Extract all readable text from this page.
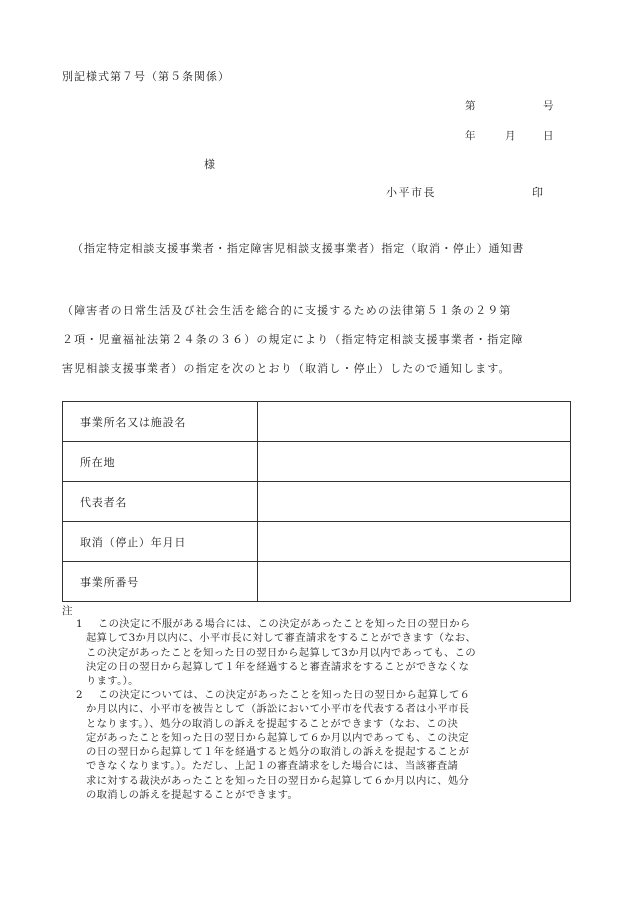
別記様式第７号（第５条関係）
第	号
年	月	日
様
小平市長	印
（指定特定相談支援事業者・指定障害児相談支援事業者）指定（取消・停止）通知書
（障害者の日常生活及び社会生活を総合的に支援するための法律第５１条の２９第
２項・児童福祉法第２４条の３６）の規定により（指定特定相談支援事業者・指定障
害児相談支援事業者）の指定を次のとおり（取消し・停止）したので通知します。
事業所名又は施設名	
所在地	
代表者名	
取消（停止）年月日	
事業所番号	
注
1	この決定に不服がある場合には、この決定があったことを知った日の翌日から
起算して3か月以内に、小平市長に対して審査請求をすることができます（なお、
この決定があったことを知った日の翌日から起算して3か月以内であっても、この
決定の日の翌日から起算して１年を経過すると審査請求をすることができなくな
ります。）。
2	この決定については、この決定があったことを知った日の翌日から起算して６
か月以内に、小平市を被告として（訴訟において小平市を代表する者は小平市長
となります。）、処分の取消しの訴えを提起することができます（なお、この決
定があったことを知った日の翌日から起算して６か月以内であっても、この決定
の日の翌日から起算して１年を経過すると処分の取消しの訴えを提起することが
できなくなります。）。ただし、上記１の審査請求をした場合には、当該審査請
求に対する裁決があったことを知った日の翌日から起算して６か月以内に、処分
の取消しの訴えを提起することができます。
